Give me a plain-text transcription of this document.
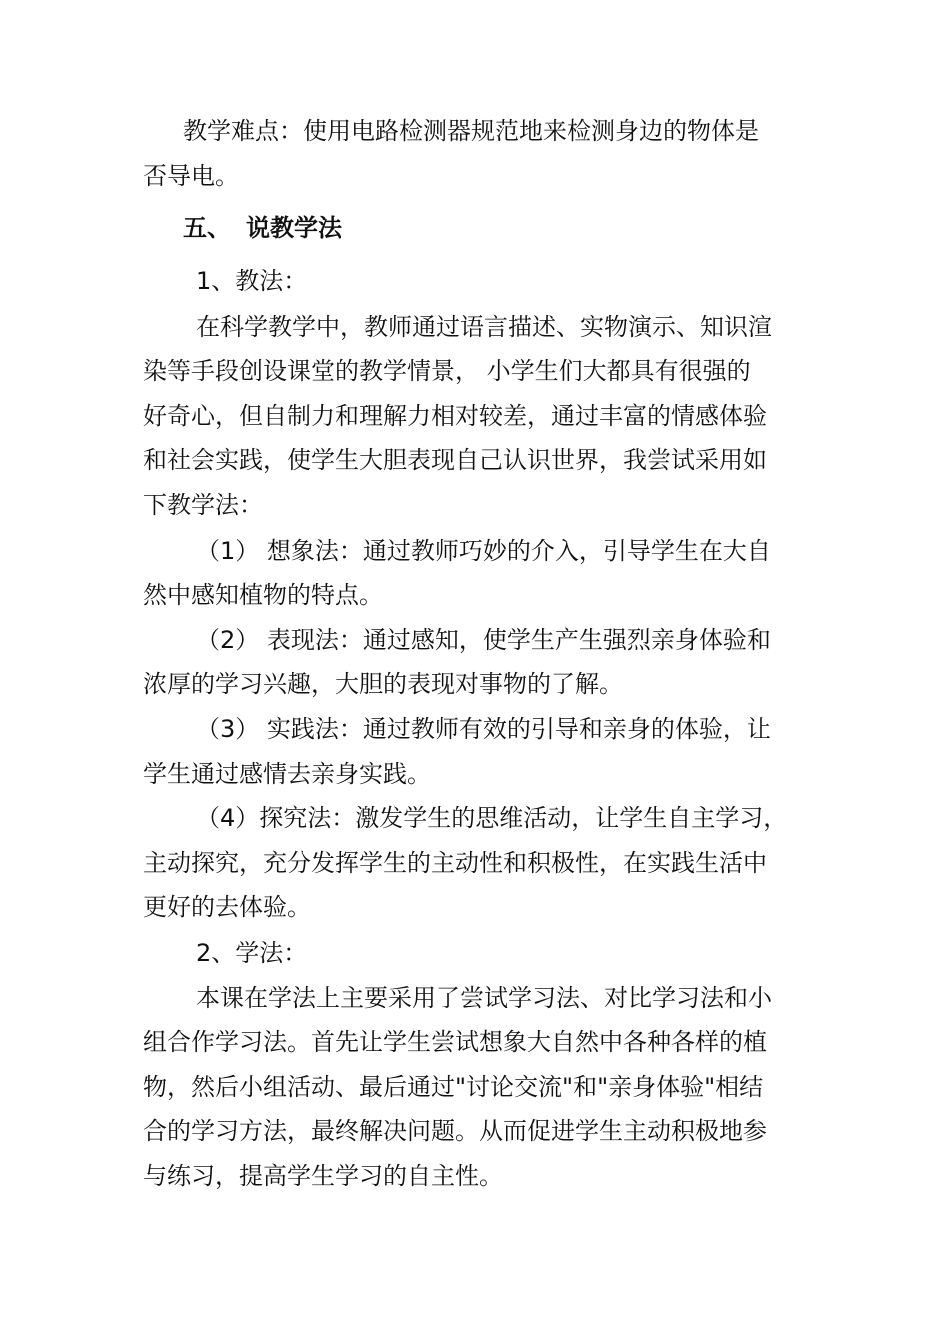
教学难点：使用电路检测器规范地来检测身边的物体是
否导电。
五、 说教学法
1、教法：
在科学教学中，教师通过语言描述、实物演示、知识渲
染等手段创设课堂的教学情景， 小学生们大都具有很强的
好奇心，但自制力和理解力相对较差，通过丰富的情感体验
和社会实践，使学生大胆表现自己认识世界，我尝试采用如
下教学法：
（1） 想象法：通过教师巧妙的介入，引导学生在大自
然中感知植物的特点。
（2） 表现法：通过感知，使学生产生强烈亲身体验和
浓厚的学习兴趣，大胆的表现对事物的了解。
（3） 实践法：通过教师有效的引导和亲身的体验，让
学生通过感情去亲身实践。
（4）探究法：激发学生的思维活动，让学生自主学习，
主动探究，充分发挥学生的主动性和积极性，在实践生活中
更好的去体验。
2、学法：
本课在学法上主要采用了尝试学习法、对比学习法和小
组合作学习法。首先让学生尝试想象大自然中各种各样的植
物，然后小组活动、最后通过"讨论交流"和"亲身体验"相结
合的学习方法，最终解决问题。从而促进学生主动积极地参
与练习，提高学生学习的自主性。
